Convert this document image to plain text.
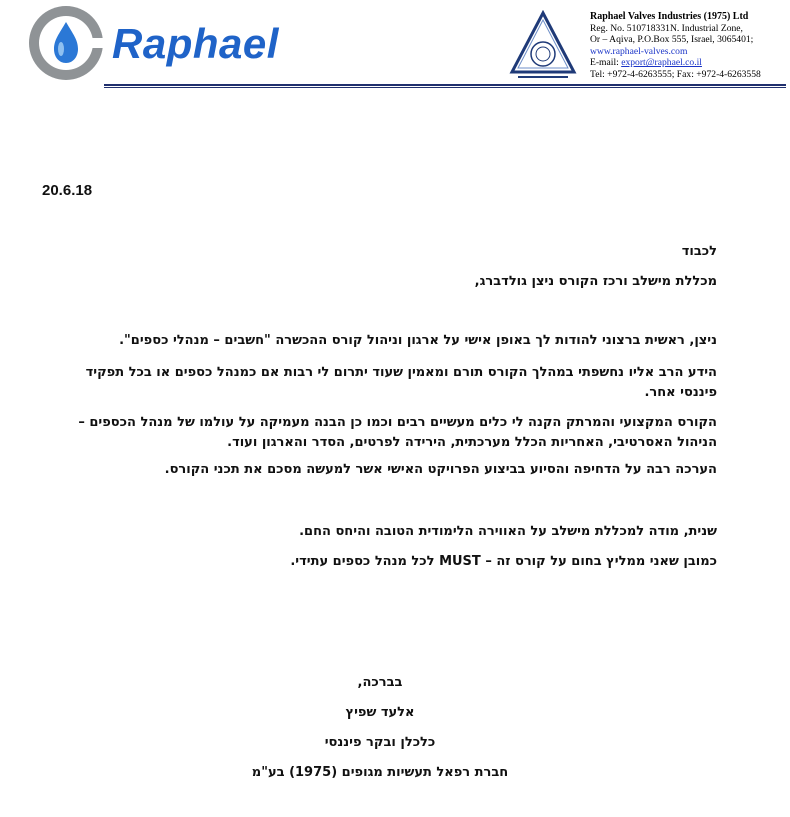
Raphael
Raphael Valves Industries (1975) Ltd
Reg. No. 510718331N. Industrial Zone,
Or – Aqiva, P.O.Box 555, Israel, 3065401;
www.raphael-valves.com
E-mail: export@raphael.co.il
Tel: +972-4-6263555; Fax: +972-4-6263558
20.6.18
לכבוד
מכללת מישלב ורכז הקורס ניצן גולדברג,
ניצן, ראשית ברצוני להודות לך באופן אישי על ארגון וניהול קורס ההכשרה "חשבים – מנהלי כספים".
הידע הרב אליו נחשפתי במהלך הקורס תורם ומאמין שעוד יתרום לי רבות אם כמנהל כספים או בכל תפקיד פיננסי אחר.
הקורס המקצועי והמרתק הקנה לי כלים מעשיים רבים וכמו כן הבנה מעמיקה על עולמו של מנהל הכספים – הניהול האסרטיבי, האחריות הכלל מערכתית, הירידה לפרטים, הסדר והארגון ועוד.
הערכה רבה על הדחיפה והסיוע בביצוע הפרויקט האישי אשר למעשה מסכם את תכני הקורס.
שנית, מודה למכללת מישלב על האווירה הלימודית הטובה והיחס החם.
כמובן שאני ממליץ בחום על קורס זה – MUST לכל מנהל כספים עתידי.
בברכה,
אלעד שפיץ
כלכלן ובקר פיננסי
חברת רפאל תעשיות מגופים (1975) בע"מ
